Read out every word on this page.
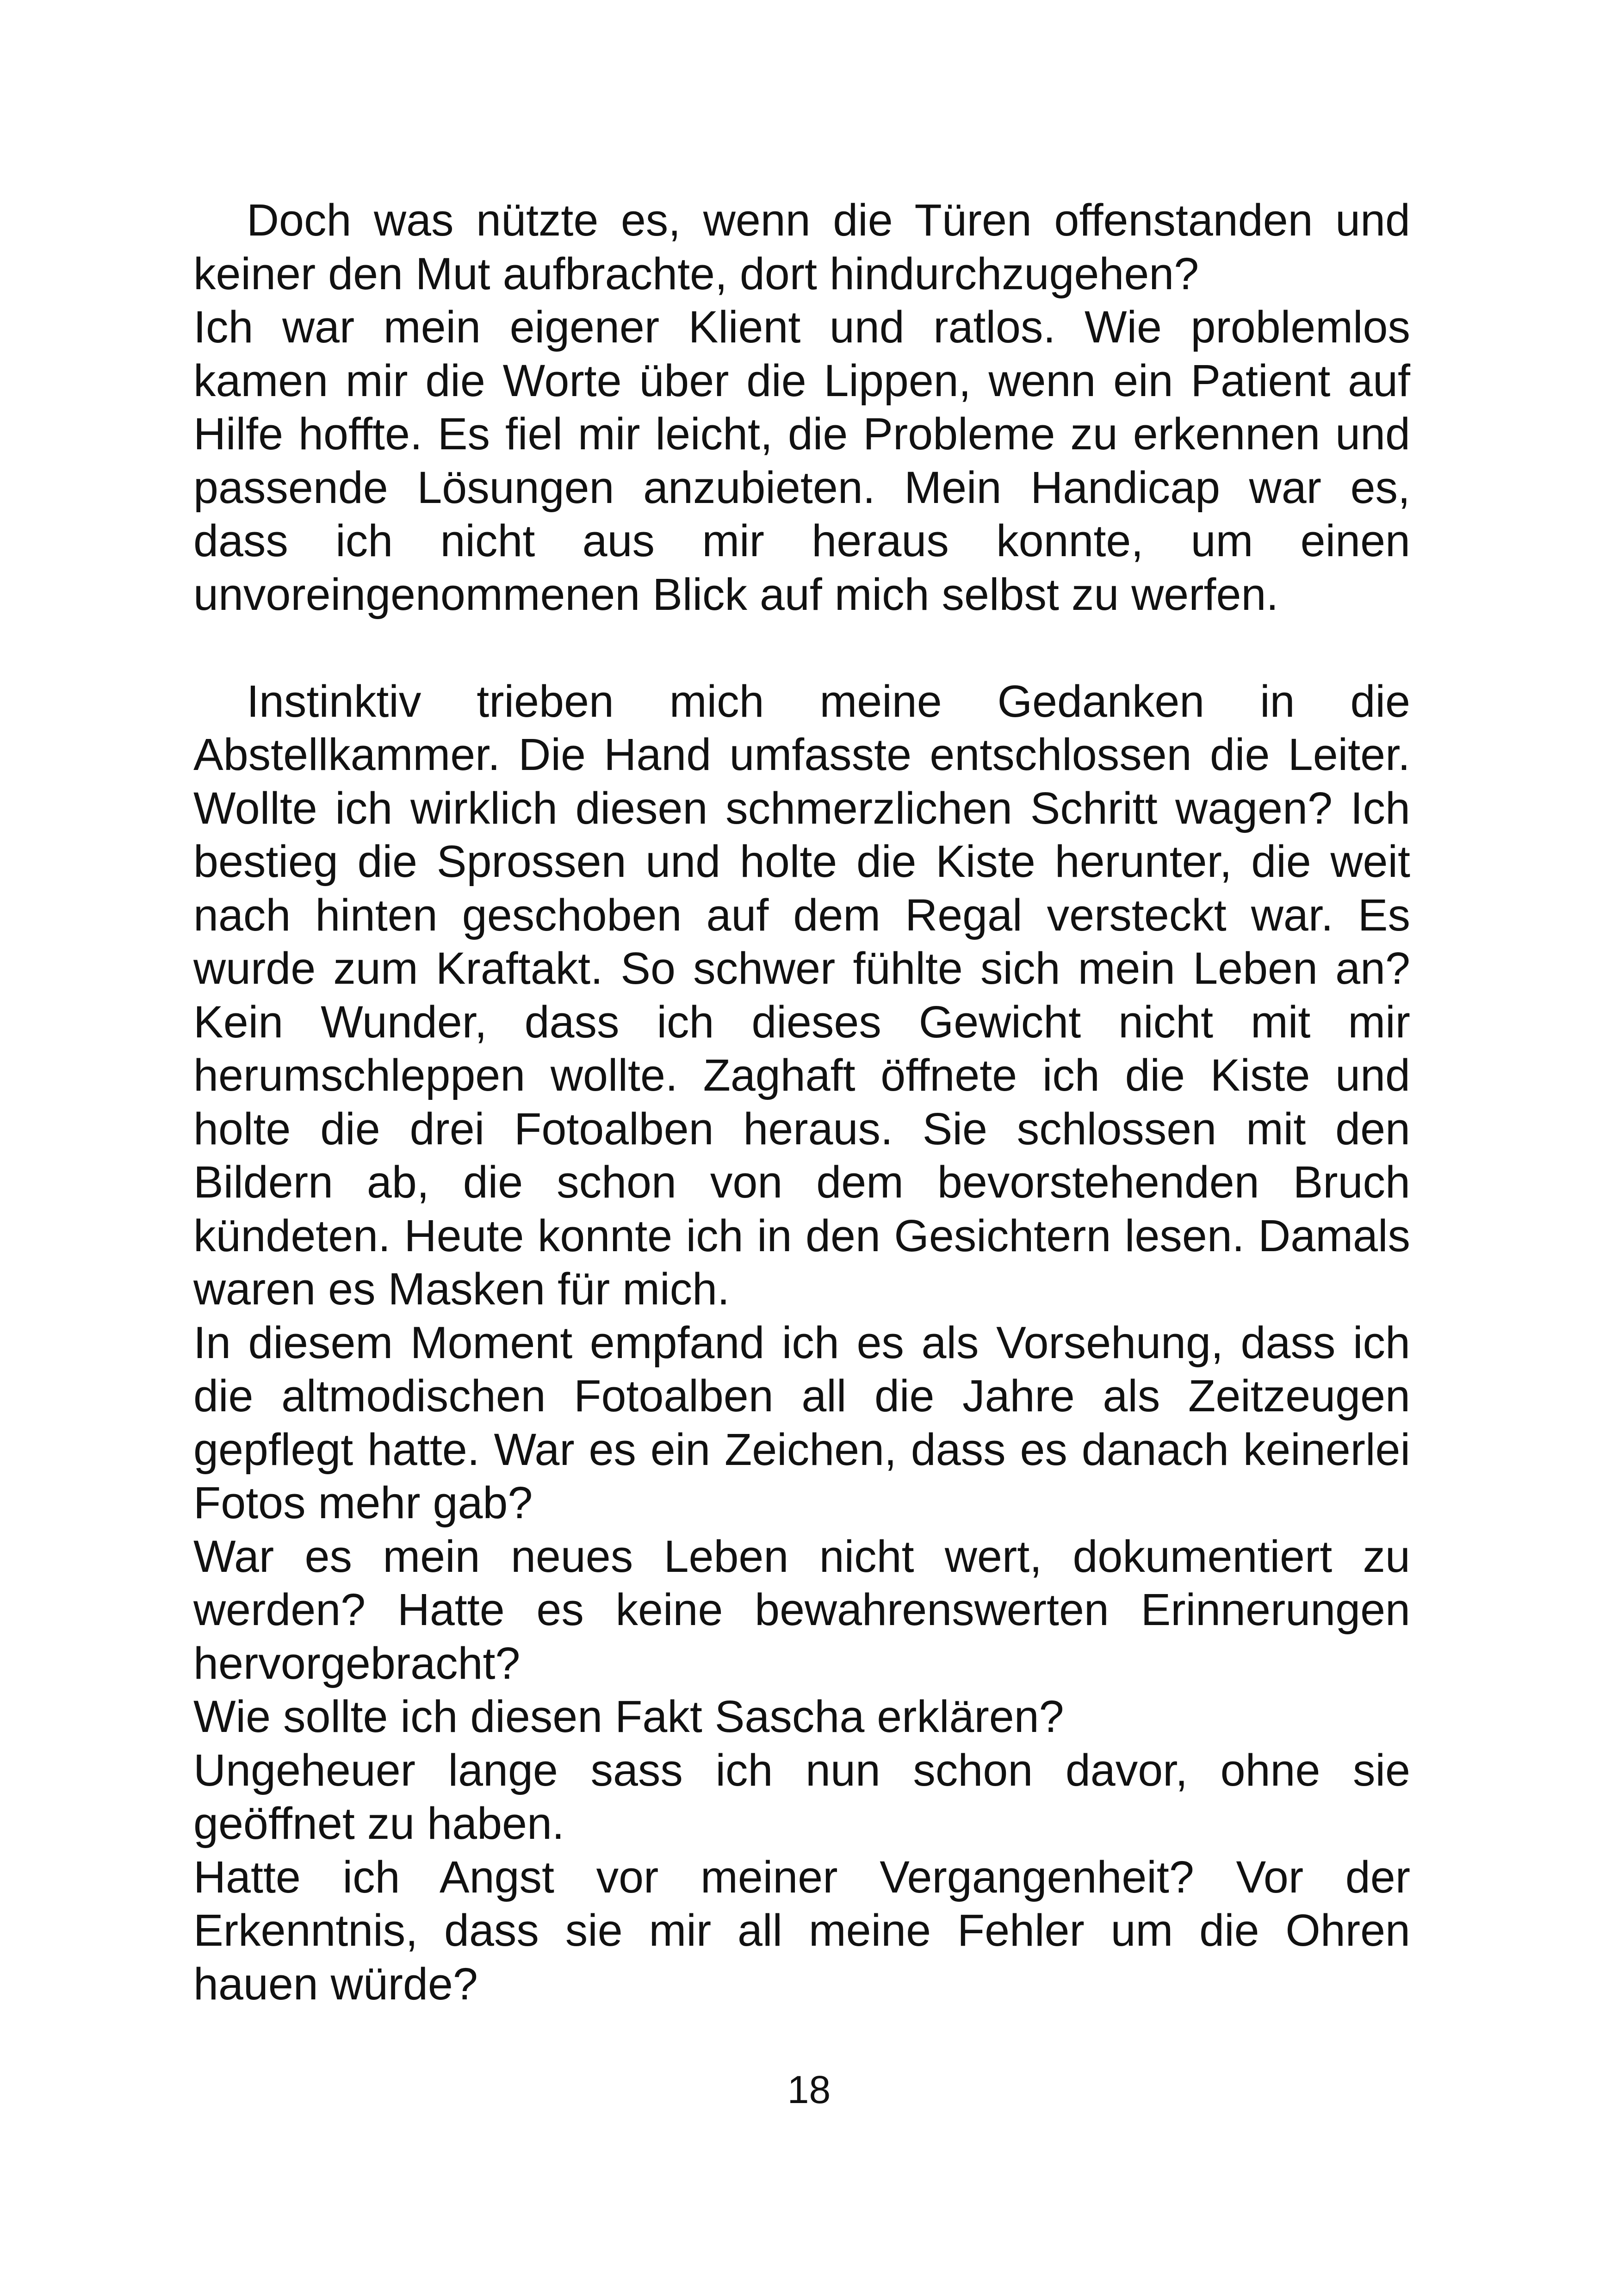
Doch was nützte es, wenn die Türen offenstanden und keiner den Mut aufbrachte, dort hindurchzugehen?

Ich war mein eigener Klient und ratlos. Wie problemlos kamen mir die Worte über die Lippen, wenn ein Patient auf Hilfe hoffte. Es fiel mir leicht, die Probleme zu erkennen und passende Lösungen anzubieten. Mein Handicap war es, dass ich nicht aus mir heraus konnte, um einen unvoreingenommenen Blick auf mich selbst zu werfen.

Instinktiv trieben mich meine Gedanken in die Abstellkammer. Die Hand umfasste entschlossen die Leiter. Wollte ich wirklich diesen schmerzlichen Schritt wagen? Ich bestieg die Sprossen und holte die Kiste herunter, die weit nach hinten geschoben auf dem Regal versteckt war. Es wurde zum Kraftakt. So schwer fühlte sich mein Leben an? Kein Wunder, dass ich dieses Gewicht nicht mit mir herumschleppen wollte. Zaghaft öffnete ich die Kiste und holte die drei Fotoalben heraus. Sie schlossen mit den Bildern ab, die schon von dem bevorstehenden Bruch kündeten. Heute konnte ich in den Gesichtern lesen. Damals waren es Masken für mich.

In diesem Moment empfand ich es als Vorsehung, dass ich die altmodischen Fotoalben all die Jahre als Zeitzeugen gepflegt hatte. War es ein Zeichen, dass es danach keinerlei Fotos mehr gab?

War es mein neues Leben nicht wert, dokumentiert zu werden? Hatte es keine bewahrenswerten Erinnerungen hervorgebracht?

Wie sollte ich diesen Fakt Sascha erklären?

Ungeheuer lange sass ich nun schon davor, ohne sie geöffnet zu haben.

Hatte ich Angst vor meiner Vergangenheit? Vor der Erkenntnis, dass sie mir all meine Fehler um die Ohren hauen würde?

18
